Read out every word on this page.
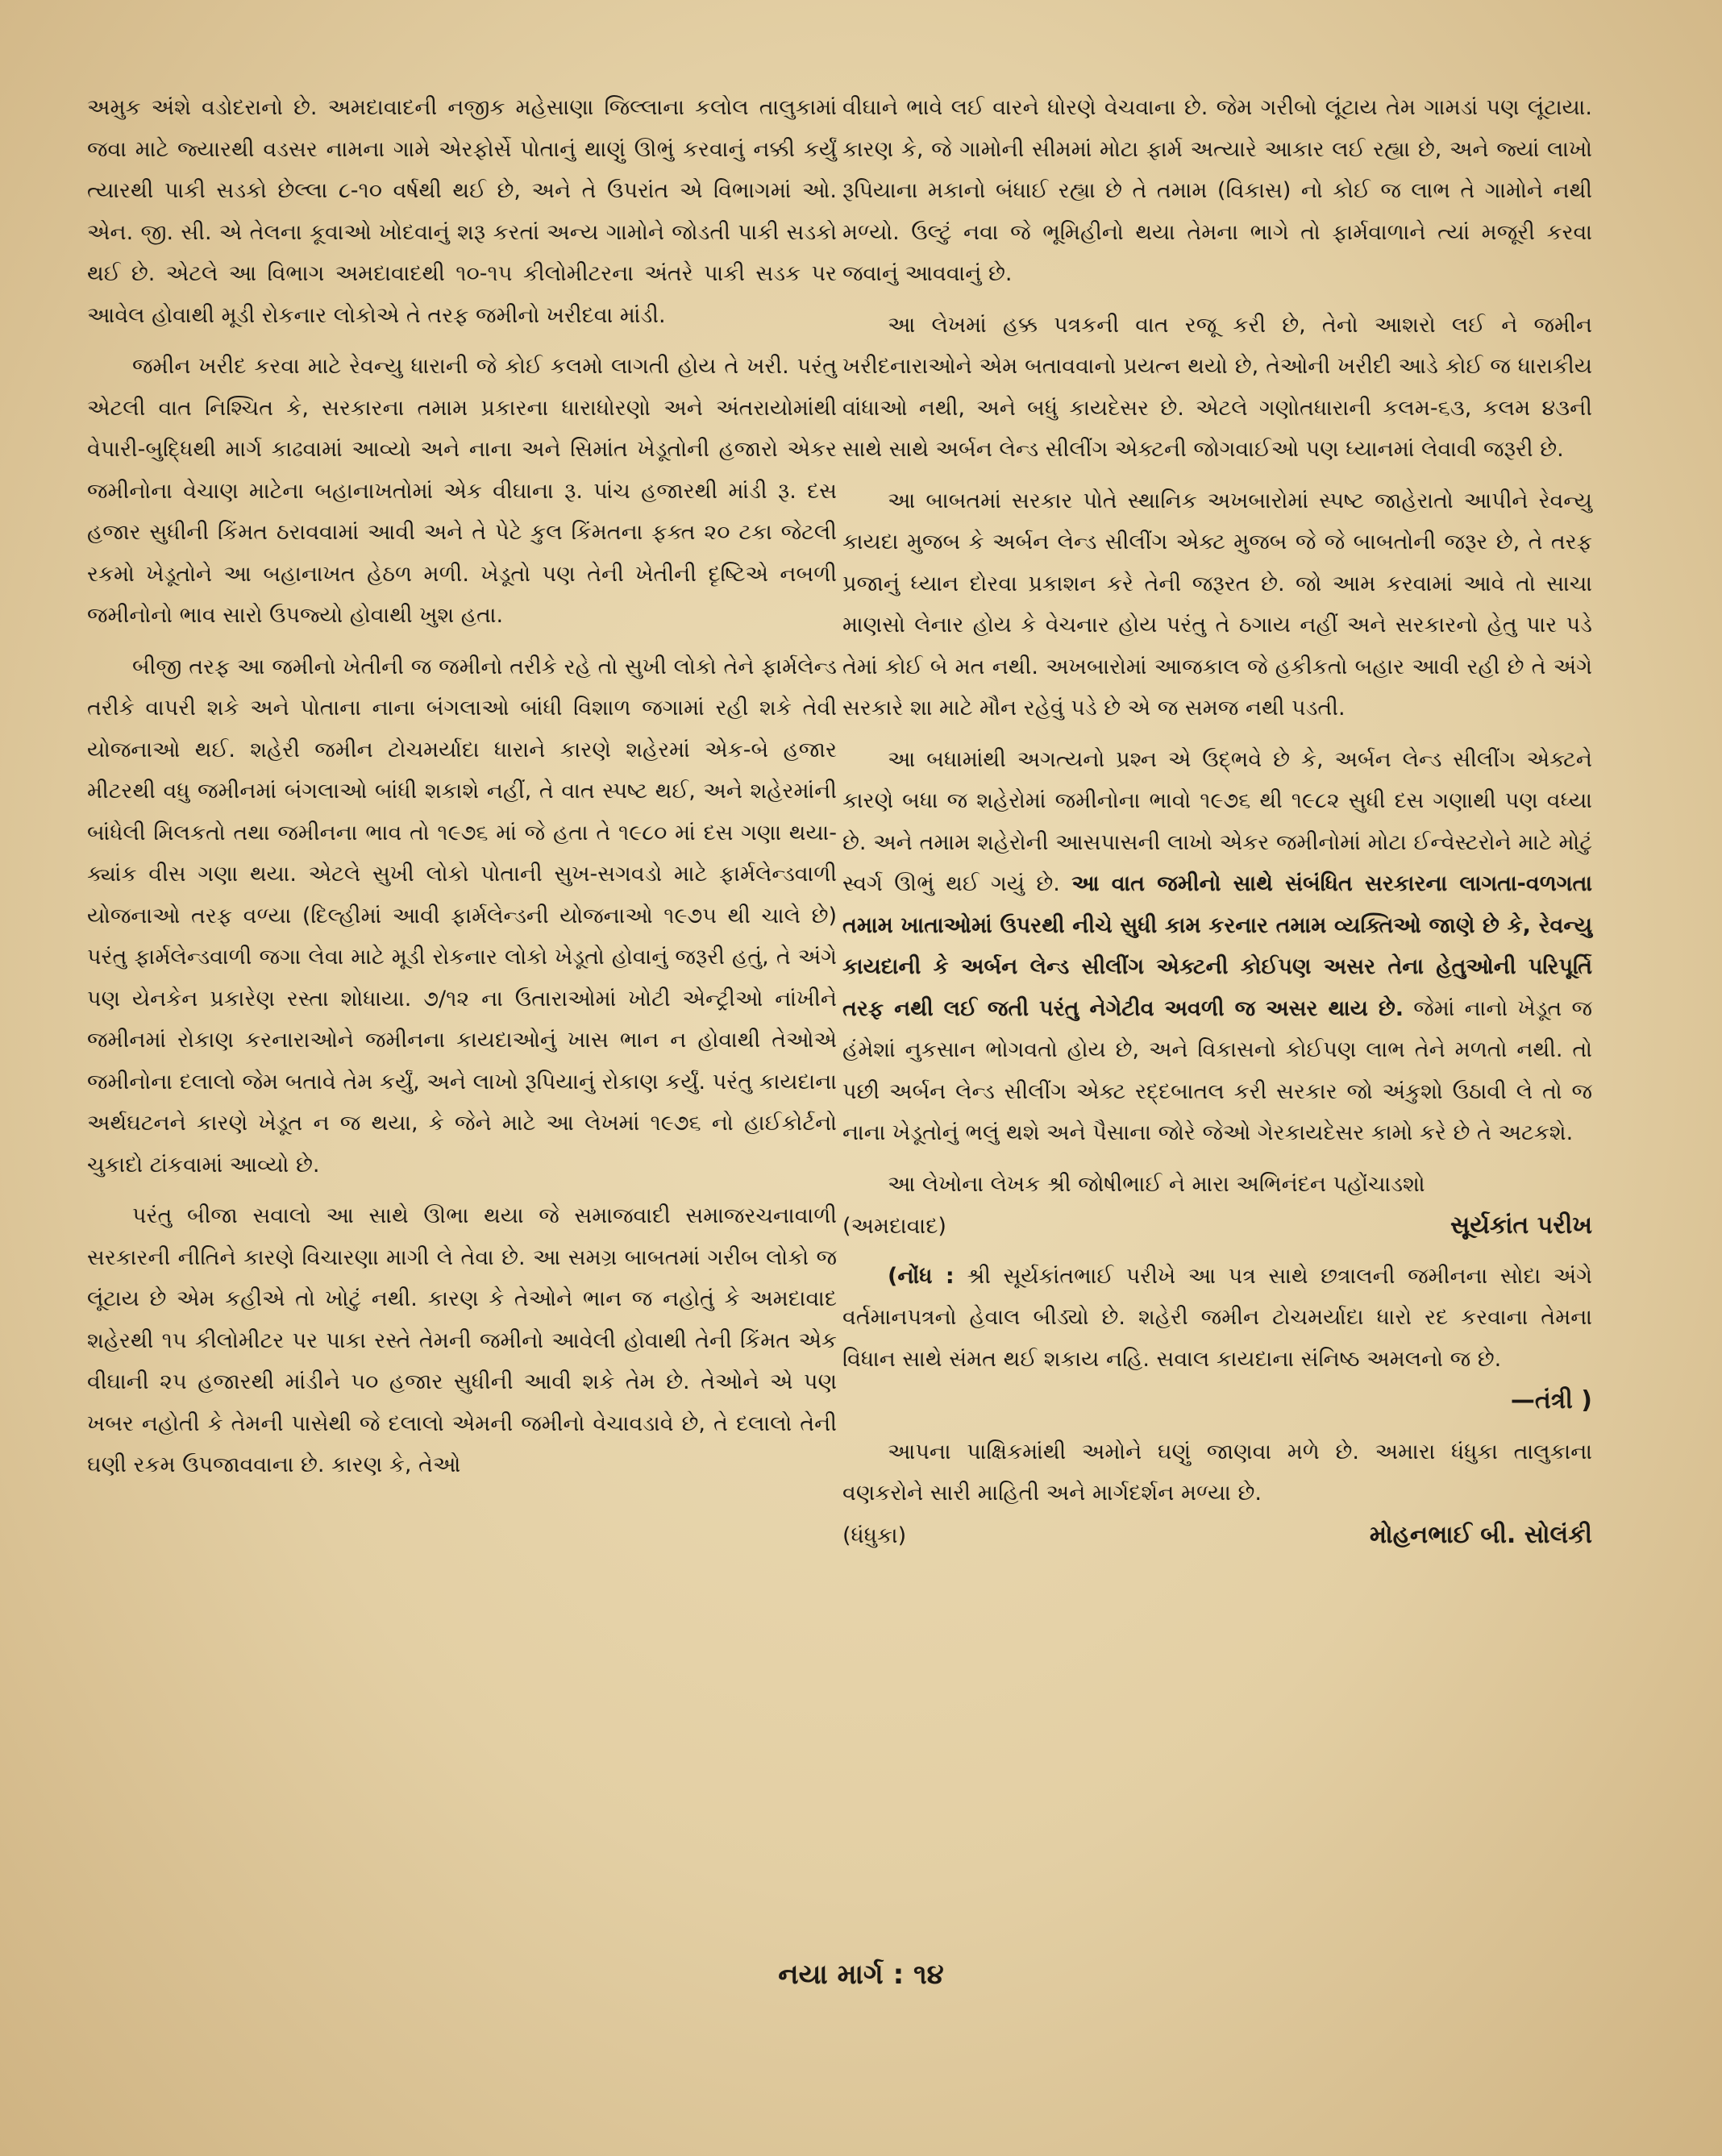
અમુક અંશે વડોદરાનો છે. અમદાવાદની નજીક મહેસાણા જિલ્લાના કલોલ તાલુકામાં જવા માટે જ્યારથી વડસર નામના ગામે એરફોર્સે પોતાનું થાણું ઊભું કરવાનું નક્કી કર્યું ત્યારથી પાકી સડકો છેલ્લા ૮-૧૦ વર્ષથી થઈ છે, અને તે ઉપરાંત એ વિભાગમાં ઓ. એન. જી. સી. એ તેલના કૂવાઓ ખોદવાનું શરૂ કરતાં અન્ય ગામોને જોડતી પાકી સડકો થઈ છે. એટલે આ વિભાગ અમદાવાદથી ૧૦-૧૫ કીલોમીટરના અંતરે પાકી સડક પર આવેલ હોવાથી મૂડી રોકનાર લોકોએ તે તરફ જમીનો ખરીદવા માંડી.

જમીન ખરીદ કરવા માટે રેવન્યુ ધારાની જે કોઈ કલમો લાગતી હોય તે ખરી. પરંતુ એટલી વાત નિશ્ચિત કે, સરકારના તમામ પ્રકારના ધારાધોરણો અને અંતરાયોમાંથી વેપારી-બુદ્ધિથી માર્ગ કાઢવામાં આવ્યો અને નાના અને સિમાંત ખેડૂતોની હજારો એકર જમીનોના વેચાણ માટેના બહાનાખતોમાં એક વીઘાના રૂ. પાંચ હજારથી માંડી રૂ. દસ હજાર સુધીની કિંમત ઠરાવવામાં આવી અને તે પેટે કુલ કિંમતના ફક્ત ૨૦ ટકા જેટલી રકમો ખેડૂતોને આ બહાનાખત હેઠળ મળી. ખેડૂતો પણ તેની ખેતીની દૃષ્ટિએ નબળી જમીનોનો ભાવ સારો ઉપજ્યો હોવાથી ખુશ હતા.

બીજી તરફ આ જમીનો ખેતીની જ જમીનો તરીકે રહે તો સુખી લોકો તેને ફાર્મલેન્ડ તરીકે વાપરી શકે અને પોતાના નાના બંગલાઓ બાંધી વિશાળ જગામાં રહી શકે તેવી યોજનાઓ થઈ. શહેરી જમીન ટોચમર્યાદા ધારાને કારણે શહેરમાં એક-બે હજાર મીટરથી વધુ જમીનમાં બંગલાઓ બાંધી શકાશે નહીં, તે વાત સ્પષ્ટ થઈ, અને શહેરમાંની બાંધેલી મિલકતો તથા જમીનના ભાવ તો ૧૯૭૬ માં જે હતા તે ૧૯૮૦ માં દસ ગણા થયા-ક્યાંક વીસ ગણા થયા. એટલે સુખી લોકો પોતાની સુખ-સગવડો માટે ફાર્મલેન્ડવાળી યોજનાઓ તરફ વળ્યા (દિલ્હીમાં આવી ફાર્મલેન્ડની યોજનાઓ ૧૯૭૫ થી ચાલે છે) પરંતુ ફાર્મલેન્ડવાળી જગા લેવા માટે મૂડી રોકનાર લોકો ખેડૂતો હોવાનું જરૂરી હતું, તે અંગે પણ યેનકેન પ્રકારેણ રસ્તા શોધાયા. ૭/૧૨ ના ઉતારાઓમાં ખોટી એન્ટ્રીઓ નાંખીને જમીનમાં રોકાણ કરનારાઓને જમીનના કાયદાઓનું ખાસ ભાન ન હોવાથી તેઓએ જમીનોના દલાલો જેમ બતાવે તેમ કર્યું, અને લાખો રૂપિયાનું રોકાણ કર્યું. પરંતુ કાયદાના અર્થઘટનને કારણે ખેડૂત ન જ થયા, કે જેને માટે આ લેખમાં ૧૯૭૬ નો હાઈકોર્ટનો ચુકાદો ટાંકવામાં આવ્યો છે.

પરંતુ બીજા સવાલો આ સાથે ઊભા થયા જે સમાજવાદી સમાજરચનાવાળી સરકારની નીતિને કારણે વિચારણા માગી લે તેવા છે. આ સમગ્ર બાબતમાં ગરીબ લોકો જ લૂંટાય છે એમ કહીએ તો ખોટું નથી. કારણ કે તેઓને ભાન જ નહોતું કે અમદાવાદ શહેરથી ૧૫ કીલોમીટર પર પાકા રસ્તે તેમની જમીનો આવેલી હોવાથી તેની કિંમત એક વીઘાની ૨૫ હજારથી માંડીને ૫૦ હજાર સુધીની આવી શકે તેમ છે. તેઓને એ પણ ખબર નહોતી કે તેમની પાસેથી જે દલાલો એમની જમીનો વેચાવડાવે છે, તે દલાલો તેની ઘણી રકમ ઉપજાવવાના છે. કારણ કે, તેઓ

વીઘાને ભાવે લઈ વારને ધોરણે વેચવાના છે. જેમ ગરીબો લૂંટાય તેમ ગામડાં પણ લૂંટાયા. કારણ કે, જે ગામોની સીમમાં મોટા ફાર્મ અત્યારે આકાર લઈ રહ્યા છે, અને જ્યાં લાખો રૂપિયાના મકાનો બંધાઈ રહ્યા છે તે તમામ (વિકાસ) નો કોઈ જ લાભ તે ગામોને નથી મળ્યો. ઉલ્ટું નવા જે ભૂમિહીનો થયા તેમના ભાગે તો ફાર્મવાળાને ત્યાં મજૂરી કરવા જવાનું આવવાનું છે.

આ લેખમાં હક્ક પત્રકની વાત રજૂ કરી છે, તેનો આશરો લઈ ને જમીન ખરીદનારાઓને એમ બતાવવાનો પ્રયત્ન થયો છે, તેઓની ખરીદી આડે કોઈ જ ધારાકીય વાંધાઓ નથી, અને બધું કાયદેસર છે. એટલે ગણોતધારાની કલમ-૬૩, કલમ ૪૩ની સાથે સાથે અર્બન લેન્ડ સીલીંગ એક્ટની જોગવાઈઓ પણ ધ્યાનમાં લેવાવી જરૂરી છે.

આ બાબતમાં સરકાર પોતે સ્થાનિક અખબારોમાં સ્પષ્ટ જાહેરાતો આપીને રેવન્યુ કાયદા મુજબ કે અર્બન લેન્ડ સીલીંગ એક્ટ મુજબ જે જે બાબતોની જરૂર છે, તે તરફ પ્રજાનું ધ્યાન દોરવા પ્રકાશન કરે તેની જરૂરત છે. જો આમ કરવામાં આવે તો સાચા માણસો લેનાર હોય કે વેચનાર હોય પરંતુ તે ઠગાય નહીં અને સરકારનો હેતુ પાર પડે તેમાં કોઈ બે મત નથી. અખબારોમાં આજકાલ જે હકીકતો બહાર આવી રહી છે તે અંગે સરકારે શા માટે મૌન રહેવું પડે છે એ જ સમજ નથી પડતી.

આ બધામાંથી અગત્યનો પ્રશ્ન એ ઉદ્ભવે છે કે, અર્બન લેન્ડ સીલીંગ એક્ટને કારણે બધા જ શહેરોમાં જમીનોના ભાવો ૧૯૭૬ થી ૧૯૮૨ સુધી દસ ગણાથી પણ વધ્યા છે. અને તમામ શહેરોની આસપાસની લાખો એકર જમીનોમાં મોટા ઈન્વેસ્ટરોને માટે મોટું સ્વર્ગ ઊભું થઈ ગયું છે. આ વાત જમીનો સાથે સંબંધિત સરકારના લાગતા-વળગતા તમામ ખાતાઓમાં ઉપરથી નીચે સુધી કામ કરનાર તમામ વ્યક્તિઓ જાણે છે કે, રેવન્યુ કાયદાની કે અર્બન લેન્ડ સીલીંગ એક્ટની કોઈપણ અસર તેના હેતુઓની પરિપૂર્તિ તરફ નથી લઈ જતી પરંતુ નેગેટીવ અવળી જ અસર થાય છે. જેમાં નાનો ખેડૂત જ હંમેશાં નુકસાન ભોગવતો હોય છે, અને વિકાસનો કોઈપણ લાભ તેને મળતો નથી. તો પછી અર્બન લેન્ડ સીલીંગ એક્ટ રદ્દબાતલ કરી સરકાર જો અંકુશો ઉઠાવી લે તો જ નાના ખેડૂતોનું ભલું થશે અને પૈસાના જોરે જેઓ ગેરકાયદેસર કામો કરે છે તે અટકશે.

આ લેખોના લેખક શ્રી જોષીભાઈ ને મારા અભિનંદન પહોંચાડશો

(અમદાવાદ)	સૂર્યકાંત પરીખ

(નોંધ : શ્રી સૂર્યકાંતભાઈ પરીખે આ પત્ર સાથે છત્રાલની જમીનના સોદા અંગે વર્તમાનપત્રનો હેવાલ બીડ્યો છે. શહેરી જમીન ટોચમર્યાદા ધારો રદ કરવાના તેમના વિધાન સાથે સંમત થઈ શકાય નહિ. સવાલ કાયદાના સંનિષ્ઠ અમલનો જ છે.

—તંત્રી )

આપના પાક્ષિકમાંથી અમોને ઘણું જાણવા મળે છે. અમારા ધંધુકા તાલુકાના વણકરોને સારી માહિતી અને માર્ગદર્શન મળ્યા છે.

(ધંધુકા)	મોહનભાઈ બી. સોલંકી
નયા માર્ગ : ૧૪
